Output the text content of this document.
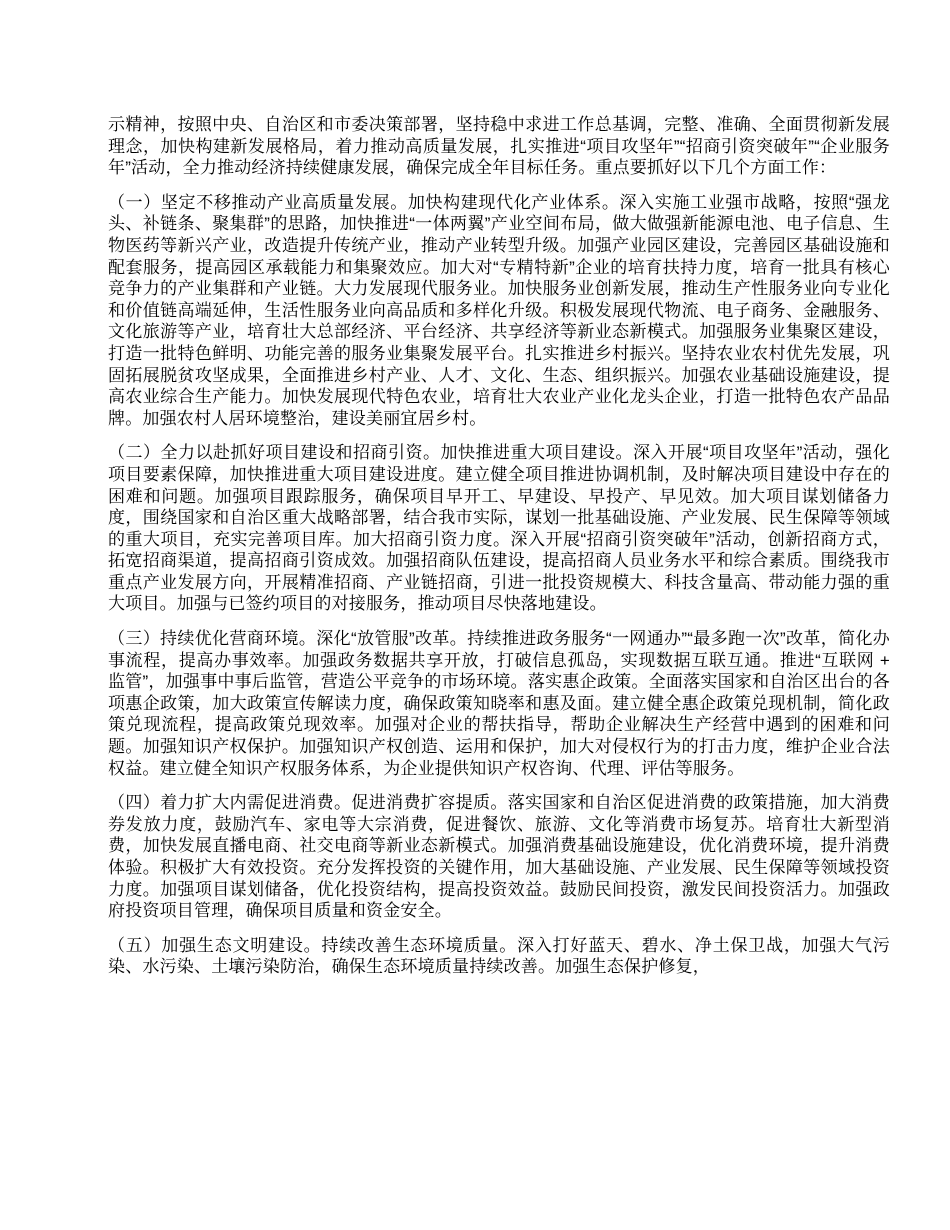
示精神，按照中央、自治区和市委决策部署，坚持稳中求进工作总基调，完整、准确、全面贯彻新发展理念，加快构建新发展格局，着力推动高质量发展，扎实推进“项目攻坚年”“招商引资突破年”“企业服务年”活动，全力推动经济持续健康发展，确保完成全年目标任务。重点要抓好以下几个方面工作：

（一）坚定不移推动产业高质量发展。加快构建现代化产业体系。深入实施工业强市战略，按照“强龙头、补链条、聚集群”的思路，加快推进“一体两翼”产业空间布局，做大做强新能源电池、电子信息、生物医药等新兴产业，改造提升传统产业，推动产业转型升级。加强产业园区建设，完善园区基础设施和配套服务，提高园区承载能力和集聚效应。加大对“专精特新”企业的培育扶持力度，培育一批具有核心竞争力的产业集群和产业链。大力发展现代服务业。加快服务业创新发展，推动生产性服务业向专业化和价值链高端延伸，生活性服务业向高品质和多样化升级。积极发展现代物流、电子商务、金融服务、文化旅游等产业，培育壮大总部经济、平台经济、共享经济等新业态新模式。加强服务业集聚区建设，打造一批特色鲜明、功能完善的服务业集聚发展平台。扎实推进乡村振兴。坚持农业农村优先发展，巩固拓展脱贫攻坚成果，全面推进乡村产业、人才、文化、生态、组织振兴。加强农业基础设施建设，提高农业综合生产能力。加快发展现代特色农业，培育壮大农业产业化龙头企业，打造一批特色农产品品牌。加强农村人居环境整治，建设美丽宜居乡村。

（二）全力以赴抓好项目建设和招商引资。加快推进重大项目建设。深入开展“项目攻坚年”活动，强化项目要素保障，加快推进重大项目建设进度。建立健全项目推进协调机制，及时解决项目建设中存在的困难和问题。加强项目跟踪服务，确保项目早开工、早建设、早投产、早见效。加大项目谋划储备力度，围绕国家和自治区重大战略部署，结合我市实际，谋划一批基础设施、产业发展、民生保障等领域的重大项目，充实完善项目库。加大招商引资力度。深入开展“招商引资突破年”活动，创新招商方式，拓宽招商渠道，提高招商引资成效。加强招商队伍建设，提高招商人员业务水平和综合素质。围绕我市重点产业发展方向，开展精准招商、产业链招商，引进一批投资规模大、科技含量高、带动能力强的重大项目。加强与已签约项目的对接服务，推动项目尽快落地建设。

（三）持续优化营商环境。深化“放管服”改革。持续推进政务服务“一网通办”“最多跑一次”改革，简化办事流程，提高办事效率。加强政务数据共享开放，打破信息孤岛，实现数据互联互通。推进“互联网 + 监管”，加强事中事后监管，营造公平竞争的市场环境。落实惠企政策。全面落实国家和自治区出台的各项惠企政策，加大政策宣传解读力度，确保政策知晓率和惠及面。建立健全惠企政策兑现机制，简化政策兑现流程，提高政策兑现效率。加强对企业的帮扶指导，帮助企业解决生产经营中遇到的困难和问题。加强知识产权保护。加强知识产权创造、运用和保护，加大对侵权行为的打击力度，维护企业合法权益。建立健全知识产权服务体系，为企业提供知识产权咨询、代理、评估等服务。

（四）着力扩大内需促进消费。促进消费扩容提质。落实国家和自治区促进消费的政策措施，加大消费券发放力度，鼓励汽车、家电等大宗消费，促进餐饮、旅游、文化等消费市场复苏。培育壮大新型消费，加快发展直播电商、社交电商等新业态新模式。加强消费基础设施建设，优化消费环境，提升消费体验。积极扩大有效投资。充分发挥投资的关键作用，加大基础设施、产业发展、民生保障等领域投资力度。加强项目谋划储备，优化投资结构，提高投资效益。鼓励民间投资，激发民间投资活力。加强政府投资项目管理，确保项目质量和资金安全。

（五）加强生态文明建设。持续改善生态环境质量。深入打好蓝天、碧水、净土保卫战，加强大气污染、水污染、土壤污染防治，确保生态环境质量持续改善。加强生态保护修复，
